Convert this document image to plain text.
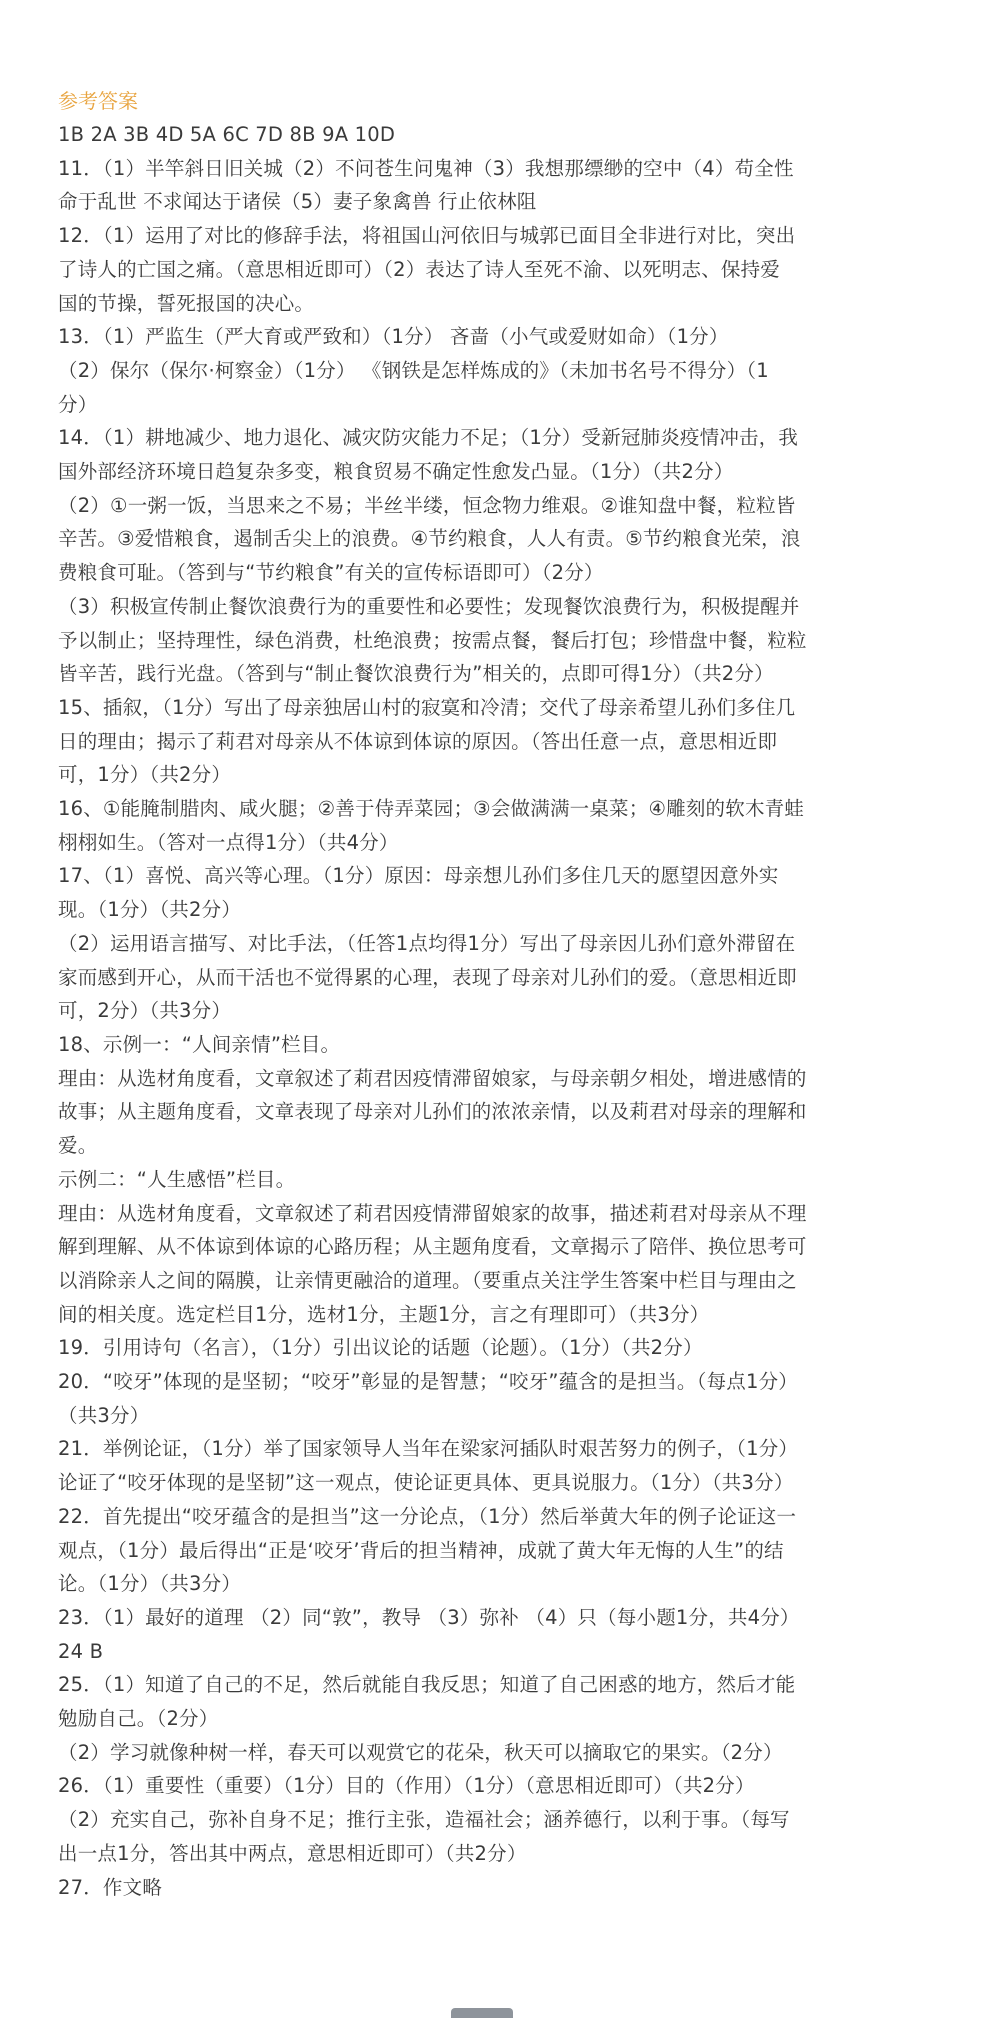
参考答案
1B 2A 3B 4D 5A 6C 7D 8B 9A 10D
11．（1）半竿斜日旧关城（2）不问苍生问鬼神（3）我想那缥缈的空中（4）苟全性
命于乱世 不求闻达于诸侯（5）妻子象禽兽 行止依林阻
12．（1）运用了对比的修辞手法，将祖国山河依旧与城郭已面目全非进行对比，突出
了诗人的亡国之痛。（意思相近即可）（2）表达了诗人至死不渝、以死明志、保持爱
国的节操，誓死报国的决心。
13．（1）严监生（严大育或严致和）（1分） 吝啬（小气或爱财如命）（1分）
（2）保尔（保尔·柯察金）（1分） 《钢铁是怎样炼成的》（未加书名号不得分）（1
分）
14．（1）耕地减少、地力退化、减灾防灾能力不足；（1分）受新冠肺炎疫情冲击，我
国外部经济环境日趋复杂多变，粮食贸易不确定性愈发凸显。（1分）（共2分）
（2）①一粥一饭，当思来之不易；半丝半缕，恒念物力维艰。②谁知盘中餐，粒粒皆
辛苦。③爱惜粮食，遏制舌尖上的浪费。④节约粮食，人人有责。⑤节约粮食光荣，浪
费粮食可耻。（答到与“节约粮食”有关的宣传标语即可）（2分）
（3）积极宣传制止餐饮浪费行为的重要性和必要性；发现餐饮浪费行为，积极提醒并
予以制止；坚持理性，绿色消费，杜绝浪费；按需点餐，餐后打包；珍惜盘中餐，粒粒
皆辛苦，践行光盘。（答到与“制止餐饮浪费行为”相关的，点即可得1分）（共2分）
15、插叙，（1分）写出了母亲独居山村的寂寞和冷清；交代了母亲希望儿孙们多住几
日的理由；揭示了莉君对母亲从不体谅到体谅的原因。（答出任意一点，意思相近即
可，1分）（共2分）
16、①能腌制腊肉、咸火腿；②善于侍弄菜园；③会做满满一桌菜；④雕刻的软木青蛙
栩栩如生。（答对一点得1分）（共4分）
17、（1）喜悦、高兴等心理。（1分）原因：母亲想儿孙们多住几天的愿望因意外实
现。（1分）（共2分）
（2）运用语言描写、对比手法，（任答1点均得1分）写出了母亲因儿孙们意外滞留在
家而感到开心，从而干活也不觉得累的心理，表现了母亲对儿孙们的爱。（意思相近即
可，2分）（共3分）
18、示例一：“人间亲情”栏目。
理由：从选材角度看，文章叙述了莉君因疫情滞留娘家，与母亲朝夕相处，增进感情的
故事；从主题角度看，文章表现了母亲对儿孙们的浓浓亲情，以及莉君对母亲的理解和
爱。
示例二：“人生感悟”栏目。
理由：从选材角度看，文章叙述了莉君因疫情滞留娘家的故事，描述莉君对母亲从不理
解到理解、从不体谅到体谅的心路历程；从主题角度看，文章揭示了陪伴、换位思考可
以消除亲人之间的隔膜，让亲情更融洽的道理。（要重点关注学生答案中栏目与理由之
间的相关度。选定栏目1分，选材1分，主题1分，言之有理即可）（共3分）
19．引用诗句（名言），（1分）引出议论的话题（论题）。（1分）（共2分）
20．“咬牙”体现的是坚韧；“咬牙”彰显的是智慧；“咬牙”蕴含的是担当。（每点1分）
（共3分）
21．举例论证，（1分）举了国家领导人当年在梁家河插队时艰苦努力的例子，（1分）
论证了“咬牙体现的是坚韧”这一观点，使论证更具体、更具说服力。（1分）（共3分）
22．首先提出“咬牙蕴含的是担当”这一分论点，（1分）然后举黄大年的例子论证这一
观点，（1分）最后得出“正是‘咬牙’背后的担当精神，成就了黄大年无悔的人生”的结
论。（1分）（共3分）
23．（1）最好的道理 （2）同“敦”，教导 （3）弥补 （4）只（每小题1分，共4分）
24 B
25．（1）知道了自己的不足，然后就能自我反思；知道了自己困惑的地方，然后才能
勉励自己。（2分）
（2）学习就像种树一样，春天可以观赏它的花朵，秋天可以摘取它的果实。（2分）
26．（1）重要性（重要）（1分）目的（作用）（1分）（意思相近即可）（共2分）
（2）充实自己，弥补自身不足；推行主张，造福社会；涵养德行，以利于事。（每写
出一点1分，答出其中两点，意思相近即可）（共2分）
27．作文略
